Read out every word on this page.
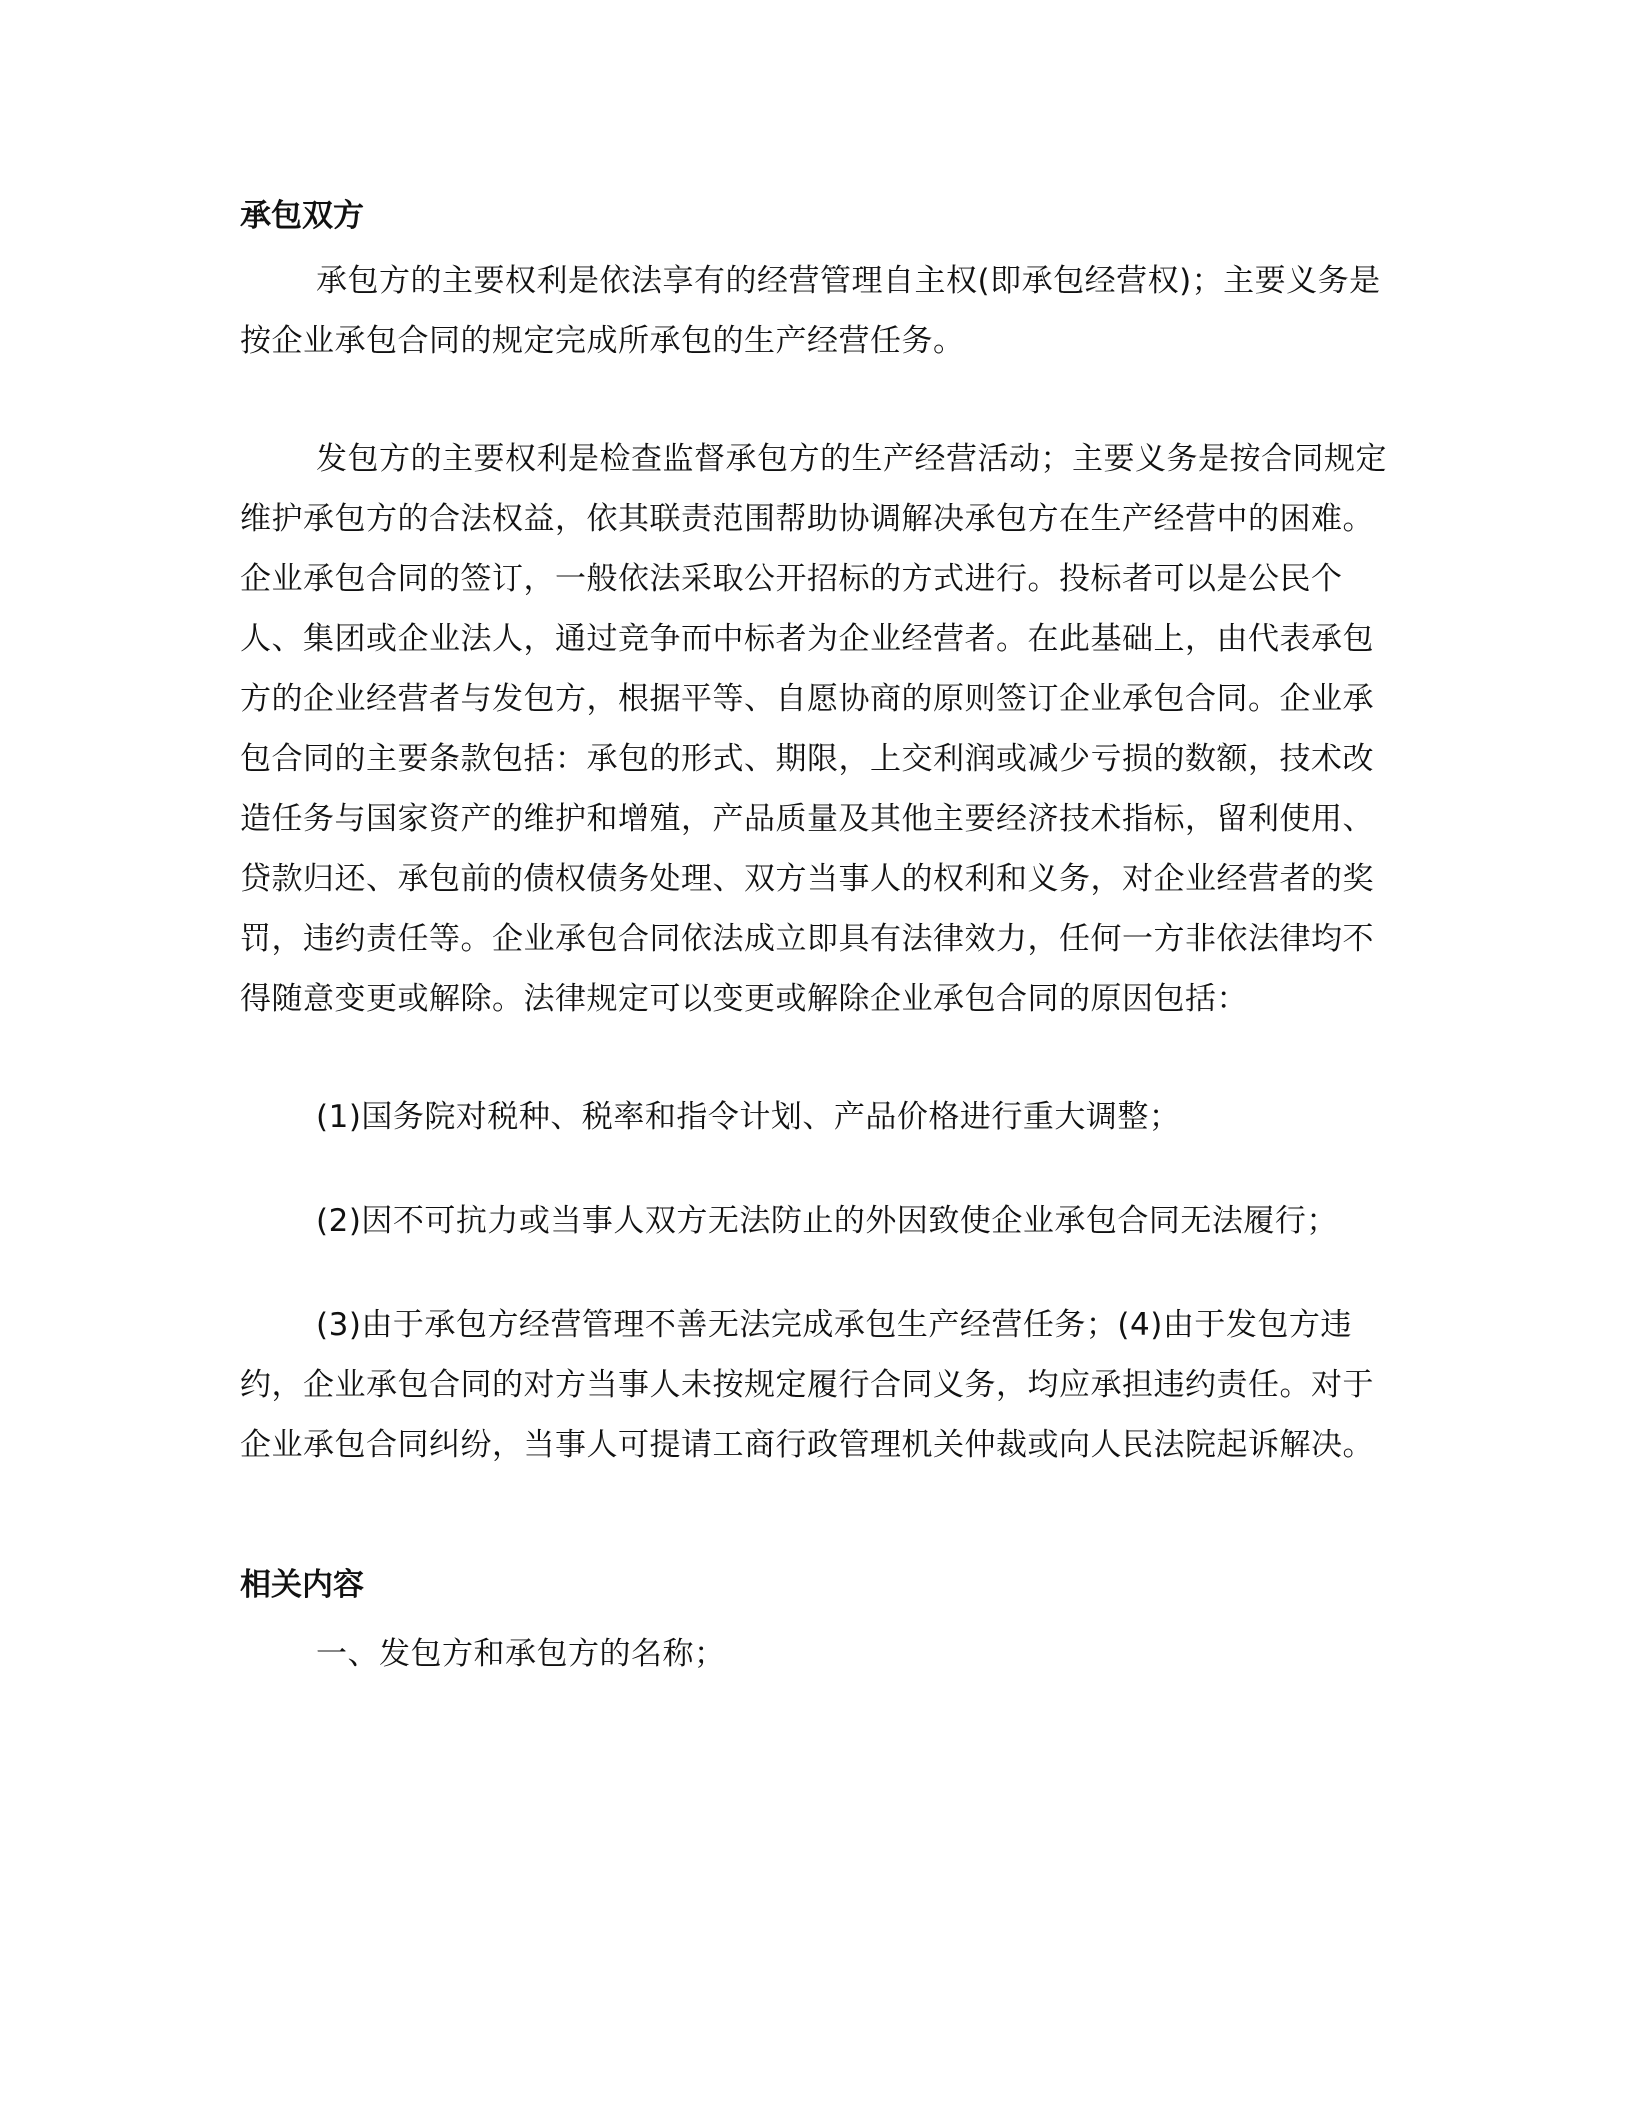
承包双方

承包方的主要权利是依法享有的经营管理自主权(即承包经营权)；主要义务是按企业承包合同的规定完成所承包的生产经营任务。

发包方的主要权利是检查监督承包方的生产经营活动；主要义务是按合同规定维护承包方的合法权益，依其联责范围帮助协调解决承包方在生产经营中的困难。企业承包合同的签订，一般依法采取公开招标的方式进行。投标者可以是公民个人、集团或企业法人，通过竞争而中标者为企业经营者。在此基础上，由代表承包方的企业经营者与发包方，根据平等、自愿协商的原则签订企业承包合同。企业承包合同的主要条款包括：承包的形式、期限，上交利润或减少亏损的数额，技术改造任务与国家资产的维护和增殖，产品质量及其他主要经济技术指标，留利使用、贷款归还、承包前的债权债务处理、双方当事人的权利和义务，对企业经营者的奖罚，违约责任等。企业承包合同依法成立即具有法律效力，任何一方非依法律均不得随意变更或解除。法律规定可以变更或解除企业承包合同的原因包括：

(1)国务院对税种、税率和指令计划、产品价格进行重大调整；

(2)因不可抗力或当事人双方无法防止的外因致使企业承包合同无法履行；

(3)由于承包方经营管理不善无法完成承包生产经营任务；(4)由于发包方违约，企业承包合同的对方当事人未按规定履行合同义务，均应承担违约责任。对于企业承包合同纠纷，当事人可提请工商行政管理机关仲裁或向人民法院起诉解决。

相关内容

一、发包方和承包方的名称；
